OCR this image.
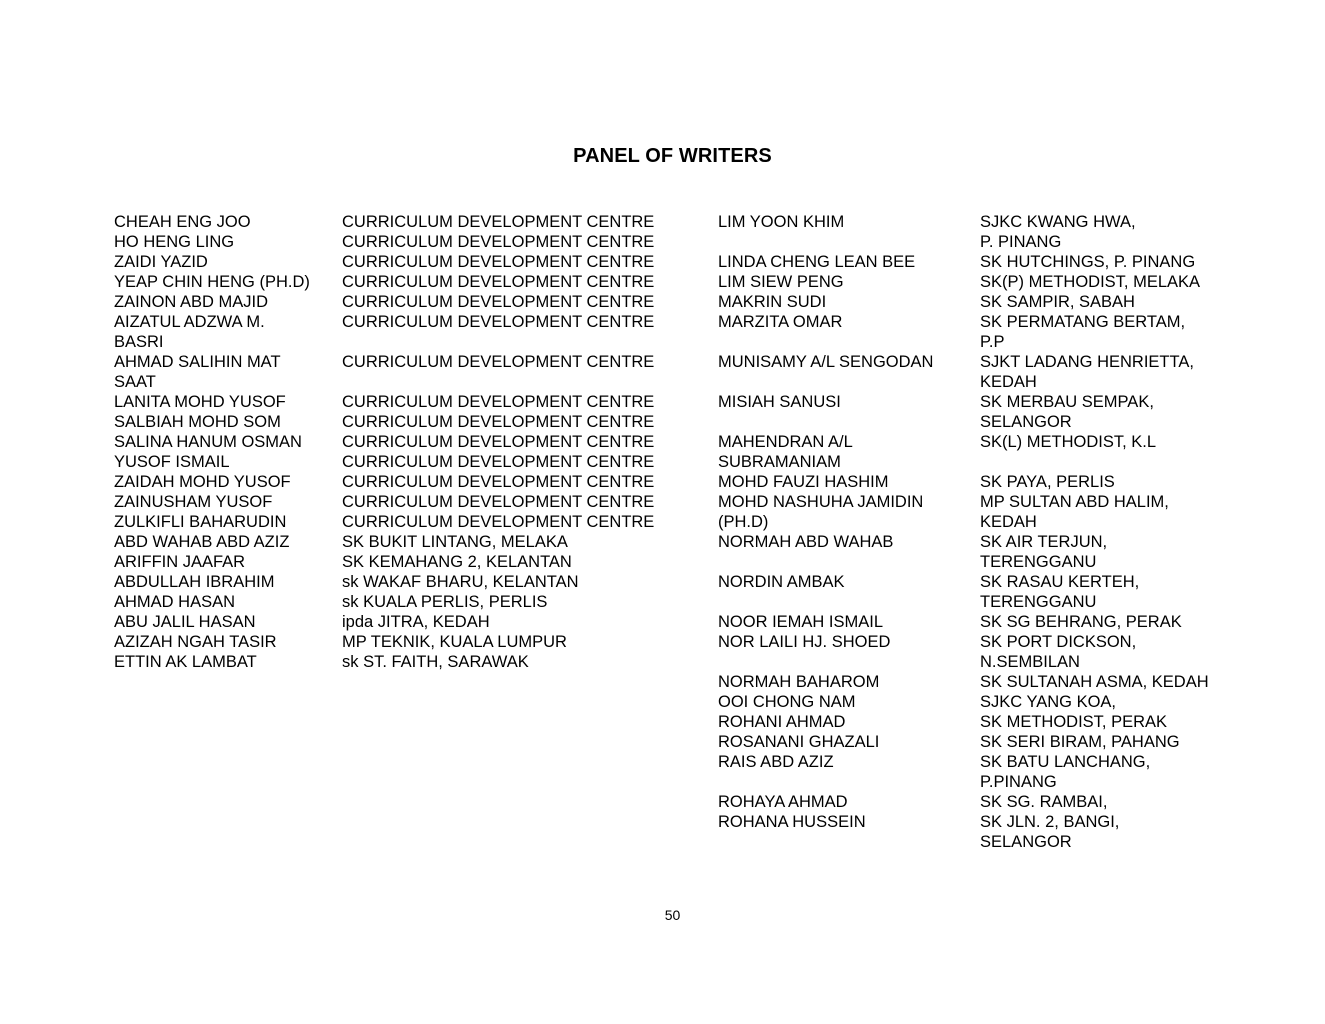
PANEL OF WRITERS
CHEAH ENG JOO
HO HENG LING
ZAIDI YAZID
YEAP CHIN HENG (PH.D)
ZAINON ABD MAJID
AIZATUL ADZWA M.
BASRI
AHMAD SALIHIN MAT
SAAT
LANITA MOHD YUSOF
SALBIAH MOHD SOM
SALINA HANUM OSMAN
YUSOF ISMAIL
ZAIDAH MOHD YUSOF
ZAINUSHAM YUSOF
ZULKIFLI BAHARUDIN
ABD WAHAB ABD AZIZ
ARIFFIN JAAFAR
ABDULLAH IBRAHIM
AHMAD HASAN
ABU JALIL HASAN
AZIZAH NGAH TASIR
ETTIN AK LAMBAT
CURRICULUM DEVELOPMENT CENTRE
CURRICULUM DEVELOPMENT CENTRE
CURRICULUM DEVELOPMENT CENTRE
CURRICULUM DEVELOPMENT CENTRE
CURRICULUM DEVELOPMENT CENTRE
CURRICULUM DEVELOPMENT CENTRE
CURRICULUM DEVELOPMENT CENTRE
CURRICULUM DEVELOPMENT CENTRE
CURRICULUM DEVELOPMENT CENTRE
CURRICULUM DEVELOPMENT CENTRE
CURRICULUM DEVELOPMENT CENTRE
CURRICULUM DEVELOPMENT CENTRE
CURRICULUM DEVELOPMENT CENTRE
CURRICULUM DEVELOPMENT CENTRE
SK BUKIT LINTANG, MELAKA
SK KEMAHANG 2, KELANTAN
sk WAKAF BHARU, KELANTAN
sk KUALA PERLIS, PERLIS
ipda JITRA, KEDAH
MP TEKNIK, KUALA LUMPUR
sk ST. FAITH, SARAWAK
LIM YOON KHIM
LINDA CHENG LEAN BEE
LIM SIEW PENG
MAKRIN SUDI
MARZITA OMAR
MUNISAMY A/L SENGODAN
MISIAH SANUSI
MAHENDRAN A/L
SUBRAMANIAM
MOHD FAUZI HASHIM
MOHD NASHUHA JAMIDIN
(PH.D)
NORMAH ABD WAHAB
NORDIN AMBAK
NOOR IEMAH ISMAIL
NOR LAILI HJ. SHOED
NORMAH BAHAROM
OOI CHONG NAM
ROHANI AHMAD
ROSANANI GHAZALI
RAIS ABD AZIZ
ROHAYA AHMAD
ROHANA HUSSEIN
SJKC KWANG HWA,
P. PINANG
SK HUTCHINGS, P. PINANG
SK(P) METHODIST, MELAKA
SK SAMPIR, SABAH
SK PERMATANG BERTAM,
P.P
SJKT LADANG HENRIETTA,
KEDAH
SK MERBAU SEMPAK,
SELANGOR
SK(L) METHODIST, K.L
SK PAYA, PERLIS
MP SULTAN ABD HALIM,
KEDAH
SK AIR TERJUN,
TERENGGANU
SK RASAU KERTEH,
TERENGGANU
SK SG BEHRANG, PERAK
SK PORT DICKSON,
N.SEMBILAN
SK SULTANAH ASMA, KEDAH
SJKC YANG KOA,
SK METHODIST, PERAK
SK SERI BIRAM, PAHANG
SK BATU LANCHANG,
P.PINANG
SK SG. RAMBAI,
SK JLN. 2, BANGI,
SELANGOR
50
